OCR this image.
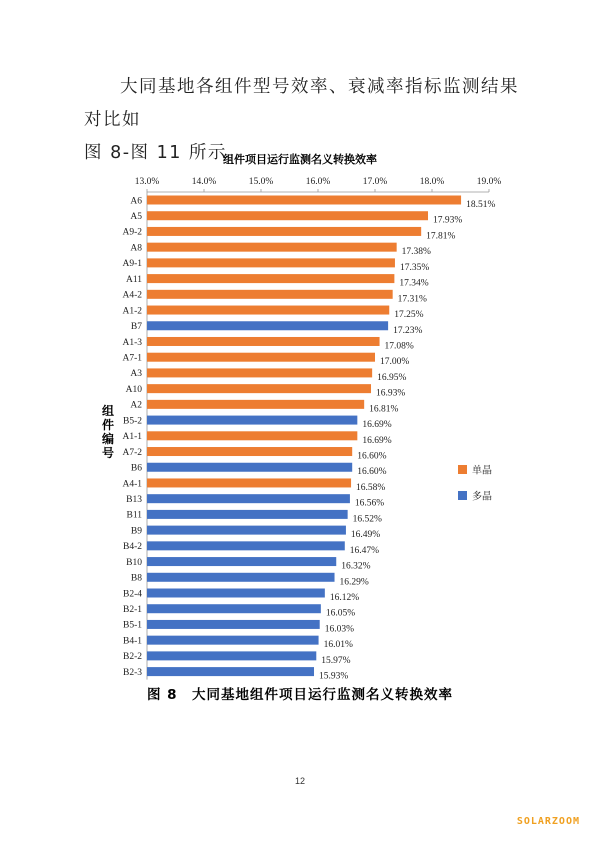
大同基地各组件型号效率、衰减率指标监测结果对比如
图 8-图 11 所示。
组件项目运行监测名义转换效率
13.0%	14.0%	15.0%	16.0%	17.0%	18.0%	19.0%
A6	18.51%
A5	17.93%
A9-2	17.81%
A8	17.38%
A9-1	17.35%
A11	17.34%
A4-2	17.31%
A1-2	17.25%
B7	17.23%
A1-3	17.08%
A7-1	17.00%
A3	16.95%
A10	16.93%
A2	16.81%
B5-2	16.69%
A1-1	16.69%
A7-2	16.60%
B6	16.60%
A4-1	16.58%
B13	16.56%
B11	16.52%
B9	16.49%
B4-2	16.47%
B10	16.32%
B8	16.29%
B2-4	16.12%
B2-1	16.05%
B5-1	16.03%
B4-1	16.01%
B2-2	15.97%
B2-3	15.93%
单晶
多晶
组
件
编
号
图 8　大同基地组件项目运行监测名义转换效率
12
SOLARZOOM
